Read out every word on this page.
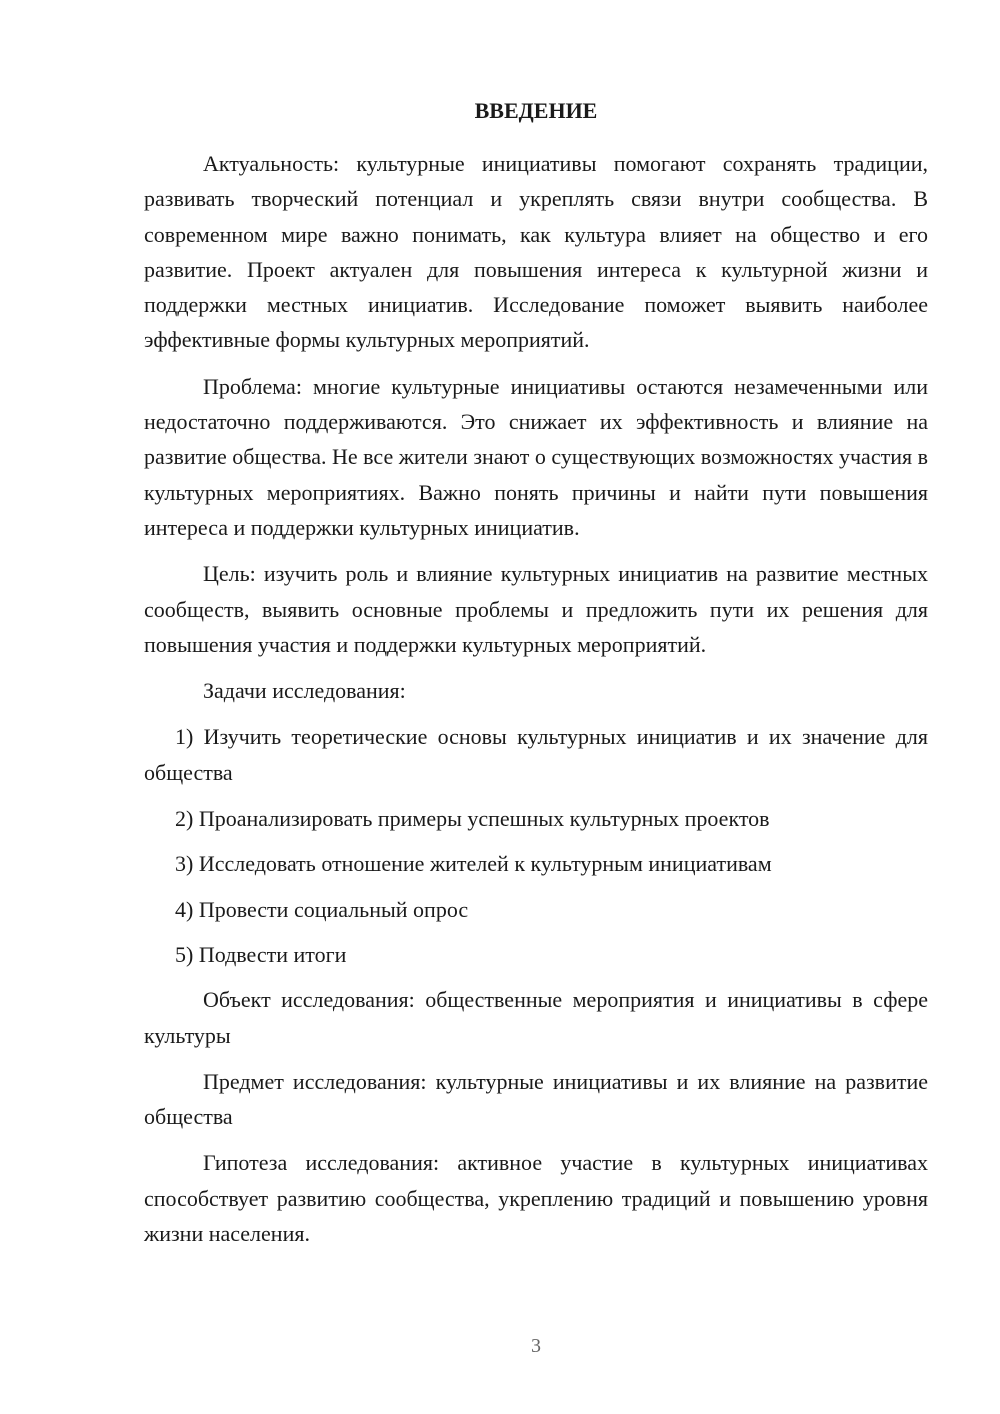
ВВЕДЕНИЕ

Актуальность: культурные инициативы помогают сохранять традиции, развивать творческий потенциал и укреплять связи внутри сообщества. В современном мире важно понимать, как культура влияет на общество и его развитие. Проект актуален для повышения интереса к культурной жизни и поддержки местных инициатив. Исследование поможет выявить наиболее эффективные формы культурных мероприятий.

Проблема: многие культурные инициативы остаются незамеченными или недостаточно поддерживаются. Это снижает их эффективность и влияние на развитие общества. Не все жители знают о существующих возможностях участия в культурных мероприятиях. Важно понять причины и найти пути повышения интереса и поддержки культурных инициатив.

Цель: изучить роль и влияние культурных инициатив на развитие местных сообществ, выявить основные проблемы и предложить пути их решения для повышения участия и поддержки культурных мероприятий.

Задачи исследования:

1) Изучить теоретические основы культурных инициатив и их значение для общества

2) Проанализировать примеры успешных культурных проектов

3) Исследовать отношение жителей к культурным инициативам

4) Провести социальный опрос

5) Подвести итоги

Объект исследования: общественные мероприятия и инициативы в сфере культуры

Предмет исследования: культурные инициативы и их влияние на развитие общества

Гипотеза исследования: активное участие в культурных инициативах способствует развитию сообщества, укреплению традиций и повышению уровня жизни населения.

3
